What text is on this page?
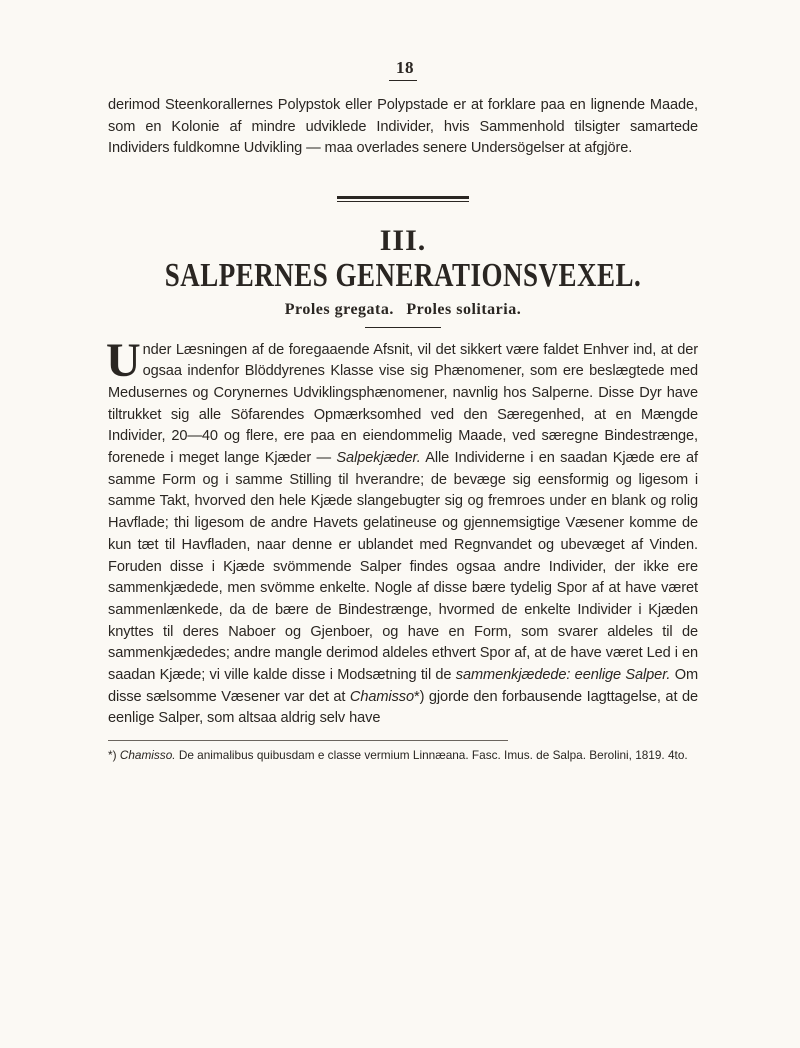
18

derimod Steenkorallernes Polypstok eller Polypstade er at forklare paa en lignende Maade, som en Kolonie af mindre udviklede Individer, hvis Sammenhold tilsigter samartede Individers fuldkomne Udvikling — maa overlades senere Undersögelser at afgjöre.

III.
SALPERNES GENERATIONSVEXEL.
Proles gregata. Proles solitaria.

Under Læsningen af de foregaaende Afsnit, vil det sikkert være faldet Enhver ind, at der ogsaa indenfor Blöddyrenes Klasse vise sig Phænomener, som ere beslægtede med Medusernes og Corynernes Udviklingsphænomener, navnlig hos Salperne. Disse Dyr have tiltrukket sig alle Söfarendes Opmærksomhed ved den Særegenhed, at en Mængde Individer, 20—40 og flere, ere paa en eiendommelig Maade, ved særegne Bindestrænge, forenede i meget lange Kjæder — Salpekjæder. Alle Individerne i en saadan Kjæde ere af samme Form og i samme Stilling til hverandre; de bevæge sig eensformig og ligesom i samme Takt, hvorved den hele Kjæde slangebugter sig og fremroes under en blank og rolig Havflade; thi ligesom de andre Havets gelatineuse og gjennemsigtige Væsener komme de kun tæt til Havfladen, naar denne er ublandet med Regnvandet og ubevæget af Vinden. Foruden disse i Kjæde svömmende Salper findes ogsaa andre Individer, der ikke ere sammenkjædede, men svömme enkelte. Nogle af disse bære tydelig Spor af at have været sammenlænkede, da de bære de Bindestrænge, hvormed de enkelte Individer i Kjæden knyttes til deres Naboer og Gjenboer, og have en Form, som svarer aldeles til de sammenkjædedes; andre mangle derimod aldeles ethvert Spor af, at de have været Led i en saadan Kjæde; vi ville kalde disse i Modsætning til de sammenkjædede: eenlige Salper. Om disse sælsomme Væsener var det at Chamisso*) gjorde den forbausende Iagttagelse, at de eenlige Salper, som altsaa aldrig selv have

*) Chamisso. De animalibus quibusdam e classe vermium Linnæana. Fasc. Imus. de Salpa. Berolini, 1819. 4to.
